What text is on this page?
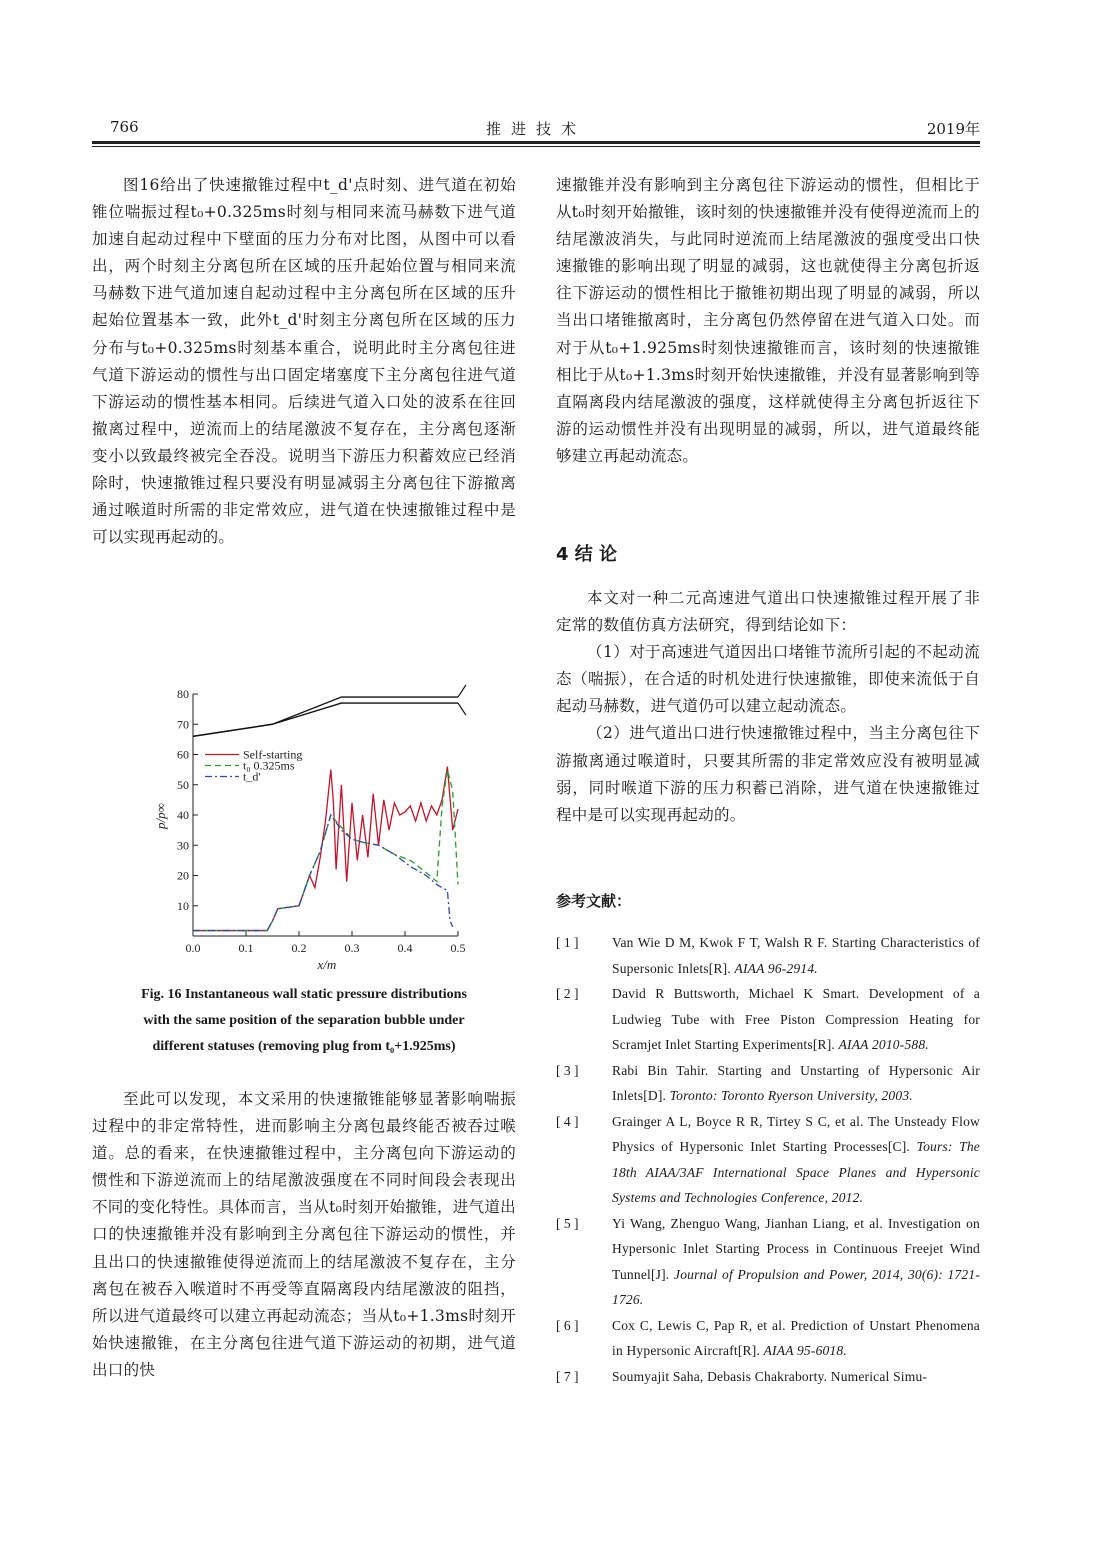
766	推进技术	2019年

图16给出了快速撤锥过程中t_d'点时刻、进气道在初始锥位喘振过程t₀+0.325ms时刻与相同来流马赫数下进气道加速自起动过程中下壁面的压力分布对比图，从图中可以看出，两个时刻主分离包所在区域的压升起始位置与相同来流马赫数下进气道加速自起动过程中主分离包所在区域的压升起始位置基本一致，此外t_d'时刻主分离包所在区域的压力分布与t₀+0.325ms时刻基本重合，说明此时主分离包往进气道下游运动的惯性与出口固定堵塞度下主分离包往进气道下游运动的惯性基本相同。后续进气道入口处的波系在往回撤离过程中，逆流而上的结尾激波不复存在，主分离包逐渐变小以致最终被完全吞没。说明当下游压力积蓄效应已经消除时，快速撤锥过程只要没有明显减弱主分离包往下游撤离通过喉道时所需的非定常效应，进气道在快速撤锥过程中是可以实现再起动的。

0.0	0.1	0.2	0.3	0.4	0.5
10
20
30
40
50
60
70
80
x/m
p/p∞
Self-starting
t₀ 0.325ms
t_d'
Fig. 16 Instantaneous wall static pressure distributions
with the same position of the separation bubble under
different statuses (removing plug from t₀+1.925ms)

至此可以发现，本文采用的快速撤锥能够显著影响喘振过程中的非定常特性，进而影响主分离包最终能否被吞过喉道。总的看来，在快速撤锥过程中，主分离包向下游运动的惯性和下游逆流而上的结尾激波强度在不同时间段会表现出不同的变化特性。具体而言，当从t₀时刻开始撤锥，进气道出口的快速撤锥并没有影响到主分离包往下游运动的惯性，并且出口的快速撤锥使得逆流而上的结尾激波不复存在，主分离包在被吞入喉道时不再受等直隔离段内结尾激波的阻挡，所以进气道最终可以建立再起动流态；当从t₀+1.3ms时刻开始快速撤锥，在主分离包往进气道下游运动的初期，进气道出口的快

速撤锥并没有影响到主分离包往下游运动的惯性，但相比于从t₀时刻开始撤锥，该时刻的快速撤锥并没有使得逆流而上的结尾激波消失，与此同时逆流而上结尾激波的强度受出口快速撤锥的影响出现了明显的减弱，这也就使得主分离包折返往下游运动的惯性相比于撤锥初期出现了明显的减弱，所以当出口堵锥撤离时，主分离包仍然停留在进气道入口处。而对于从t₀+1.925ms时刻快速撤锥而言，该时刻的快速撤锥相比于从t₀+1.3ms时刻开始快速撤锥，并没有显著影响到等直隔离段内结尾激波的强度，这样就使得主分离包折返往下游的运动惯性并没有出现明显的减弱，所以，进气道最终能够建立再起动流态。

4 结 论

本文对一种二元高速进气道出口快速撤锥过程开展了非定常的数值仿真方法研究，得到结论如下：

（1）对于高速进气道因出口堵锥节流所引起的不起动流态（喘振），在合适的时机处进行快速撤锥，即使来流低于自起动马赫数，进气道仍可以建立起动流态。

（2）进气道出口进行快速撤锥过程中，当主分离包往下游撤离通过喉道时，只要其所需的非定常效应没有被明显减弱，同时喉道下游的压力积蓄已消除，进气道在快速撤锥过程中是可以实现再起动的。

参考文献：
[ 1 ] Van Wie D M, Kwok F T, Walsh R F. Starting Characteristics of Supersonic Inlets[R]. AIAA 96-2914.
[ 2 ] David R Buttsworth, Michael K Smart. Development of a Ludwieg Tube with Free Piston Compression Heating for Scramjet Inlet Starting Experiments[R]. AIAA 2010-588.
[ 3 ] Rabi Bin Tahir. Starting and Unstarting of Hypersonic Air Inlets[D]. Toronto: Toronto Ryerson University, 2003.
[ 4 ] Grainger A L, Boyce R R, Tirtey S C, et al. The Unsteady Flow Physics of Hypersonic Inlet Starting Processes[C]. Tours: The 18th AIAA/3AF International Space Planes and Hypersonic Systems and Technologies Conference, 2012.
[ 5 ] Yi Wang, Zhenguo Wang, Jianhan Liang, et al. Investigation on Hypersonic Inlet Starting Process in Continuous Freejet Wind Tunnel[J]. Journal of Propulsion and Power, 2014, 30(6): 1721-1726.
[ 6 ] Cox C, Lewis C, Pap R, et al. Prediction of Unstart Phenomena in Hypersonic Aircraft[R]. AIAA 95-6018.
[ 7 ] Soumyajit Saha, Debasis Chakraborty. Numerical Simu-
